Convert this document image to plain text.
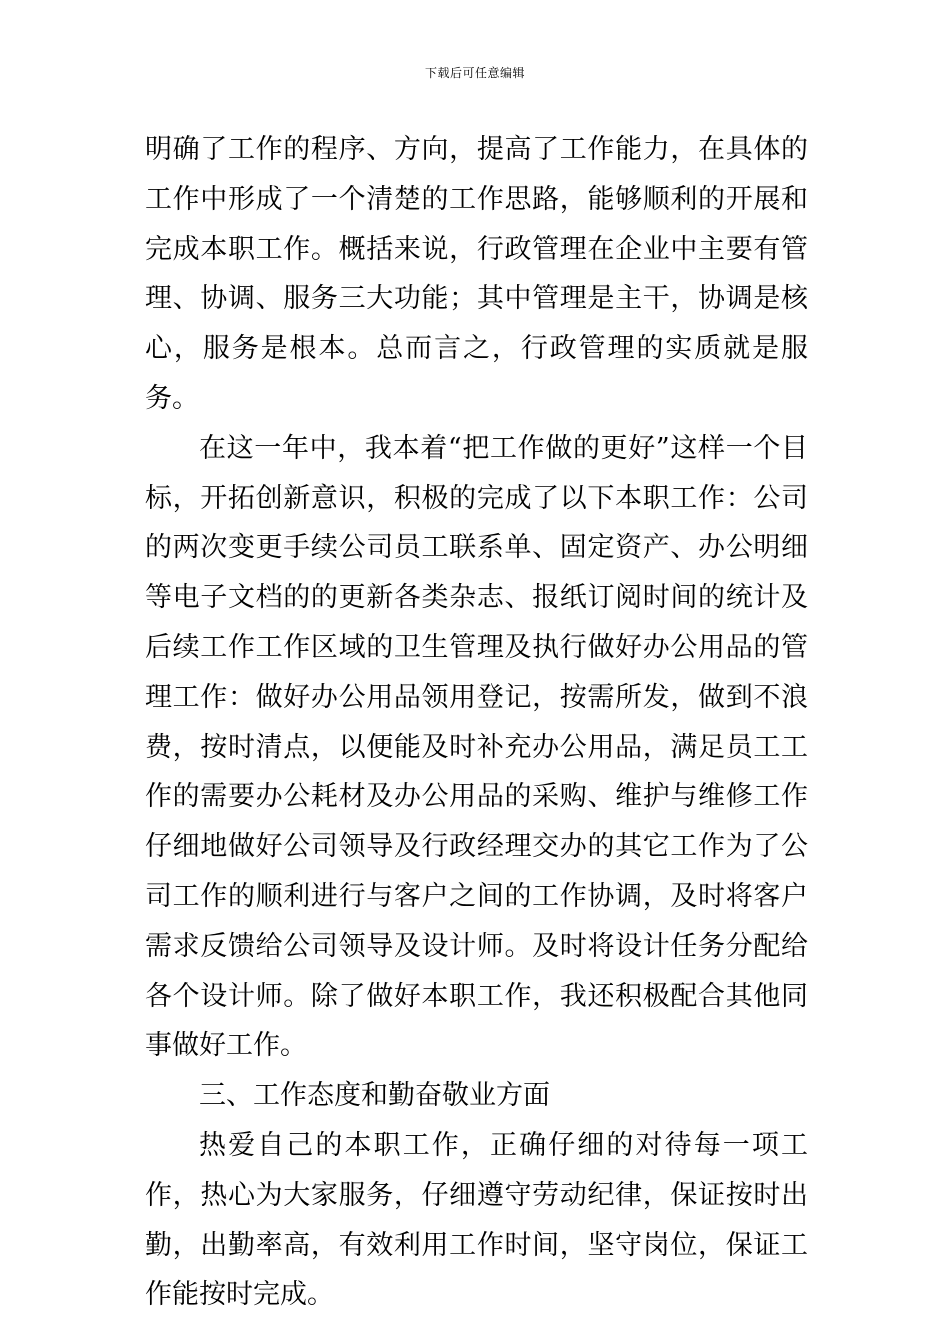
下载后可任意编辑

明确了工作的程序、方向，提高了工作能力，在具体的工作中形成了一个清楚的工作思路，能够顺利的开展和完成本职工作。概括来说，行政管理在企业中主要有管理、协调、服务三大功能；其中管理是主干，协调是核心，服务是根本。总而言之，行政管理的实质就是服务。

在这一年中，我本着“把工作做的更好”这样一个目标，开拓创新意识，积极的完成了以下本职工作：公司的两次变更手续公司员工联系单、固定资产、办公明细等电子文档的的更新各类杂志、报纸订阅时间的统计及后续工作工作区域的卫生管理及执行做好办公用品的管理工作：做好办公用品领用登记，按需所发，做到不浪费，按时清点，以便能及时补充办公用品，满足员工工作的需要办公耗材及办公用品的采购、维护与维修工作仔细地做好公司领导及行政经理交办的其它工作为了公司工作的顺利进行与客户之间的工作协调，及时将客户需求反馈给公司领导及设计师。及时将设计任务分配给各个设计师。除了做好本职工作，我还积极配合其他同事做好工作。

三、工作态度和勤奋敬业方面

热爱自己的本职工作，正确仔细的对待每一项工作，热心为大家服务，仔细遵守劳动纪律，保证按时出勤，出勤率高，有效利用工作时间，坚守岗位，保证工作能按时完成。
